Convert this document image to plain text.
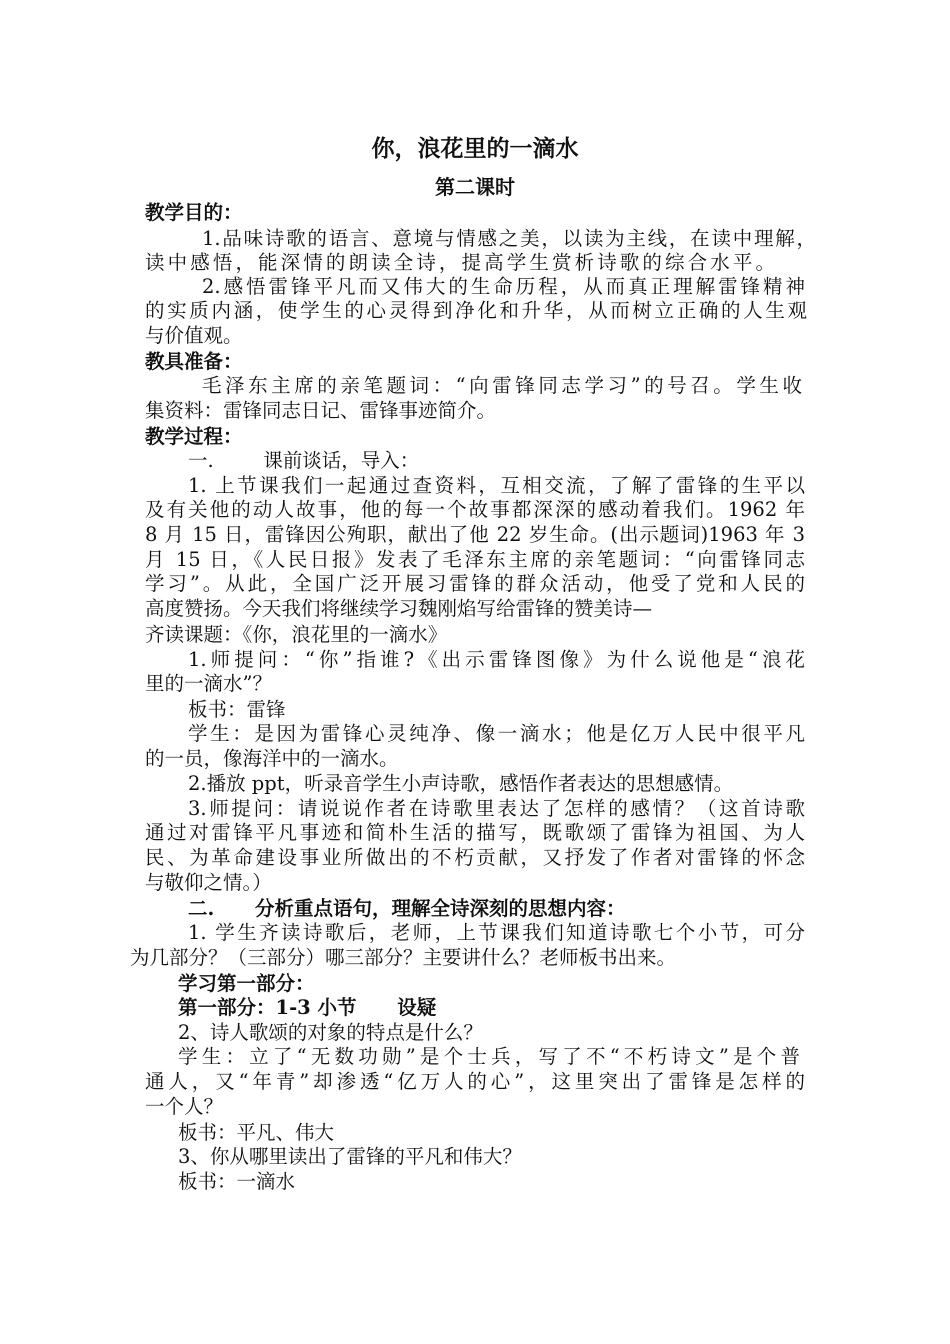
你，浪花里的一滴水
第二课时
教学目的：
1.品味诗歌的语言、意境与情感之美，以读为主线，在读中理解，
读中感悟，能深情的朗读全诗，提高学生赏析诗歌的综合水平。
2.感悟雷锋平凡而又伟大的生命历程，从而真正理解雷锋精神
的实质内涵，使学生的心灵得到净化和升华，从而树立正确的人生观
与价值观。
教具准备：
毛泽东主席的亲笔题词：“向雷锋同志学习”的号召。学生收
集资料：雷锋同志日记、雷锋事迹简介。
教学过程：
一.        课前谈话，导入：
1. 上节课我们一起通过查资料，互相交流，了解了雷锋的生平以
及有关他的动人故事，他的每一个故事都深深的感动着我们。1962 年
8 月 15 日，雷锋因公殉职，献出了他 22 岁生命。(出示题词)1963 年 3
月 15 日，《人民日报》发表了毛泽东主席的亲笔题词：“向雷锋同志
学习”。从此，全国广泛开展习雷锋的群众活动，他受了党和人民的
高度赞扬。今天我们将继续学习魏刚焰写给雷锋的赞美诗—
齐读课题：《你，浪花里的一滴水》
1.师提问：“你”指谁?《出示雷锋图像》为什么说他是“浪花
里的一滴水”？
板书：雷锋
学生：是因为雷锋心灵纯净、像一滴水；他是亿万人民中很平凡
的一员，像海洋中的一滴水。
2.播放 ppt，听录音学生小声诗歌，感悟作者表达的思想感情。
3.师提问：请说说作者在诗歌里表达了怎样的感情？（这首诗歌
通过对雷锋平凡事迹和简朴生活的描写，既歌颂了雷锋为祖国、为人
民、为革命建设事业所做出的不朽贡献，又抒发了作者对雷锋的怀念
与敬仰之情。）
二.      分析重点语句，理解全诗深刻的思想内容：
1. 学生齐读诗歌后，老师，上节课我们知道诗歌七个小节，可分
为几部分？（三部分）哪三部分？主要讲什么？老师板书出来。
学习第一部分：
第一部分：1-3 小节      设疑
2、诗人歌颂的对象的特点是什么？
学生：立了“无数功勋”是个士兵，写了不“不朽诗文”是个普
通人，又“年青”却渗透“亿万人的心”，这里突出了雷锋是怎样的
一个人？
板书：平凡、伟大
3、你从哪里读出了雷锋的平凡和伟大？
板书：一滴水
